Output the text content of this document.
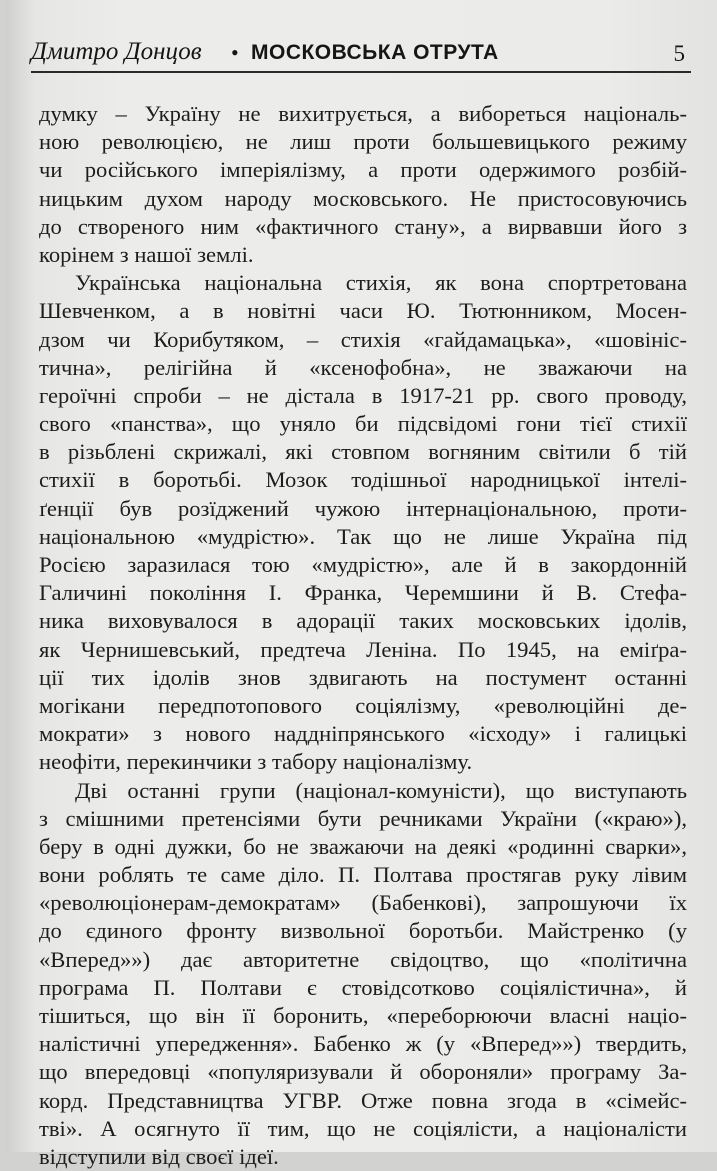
Дмитро Донцов • МОСКОВСЬКА ОТРУТА	5
думку – Україну не вихитрується, а вибореться національ-
ною революцією, не лиш проти большевицького режиму
чи російського імперіялізму, а проти одержимого розбій-
ницьким духом народу московського. Не пристосовуючись
до створеного ним «фактичного стану», а вирвавши його з
корінем з нашої землі.
Українська національна стихія, як вона спортретована
Шевченком, а в новітні часи Ю. Тютюнником, Мосен-
дзом чи Корибутяком, – стихія «гайдамацька», «шовініс-
тична», релігійна й «ксенофобна», не зважаючи на
героїчні спроби – не дістала в 1917-21 рр. свого проводу,
свого «панства», що уняло би підсвідомі гони тієї стихії
в різьблені скрижалі, які стовпом вогняним світили б тій
стихії в боротьбі. Мозок тодішньої народницької інтелі-
ґенції був розїджений чужою інтернаціональною, проти-
національною «мудрістю». Так що не лише Україна під
Росією заразилася тою «мудрістю», але й в закордонній
Галичині покоління І. Франка, Черемшини й В. Стефа-
ника виховувалося в адорації таких московських ідолів,
як Чернишевський, предтеча Леніна. По 1945, на еміґра-
ції тих ідолів знов здвигають на постумент останні
могікани передпотопового соціялізму, «революційні де-
мократи» з нового наддніпрянського «ісходу» і галицькі
неофіти, перекинчики з табору націоналізму.
Дві останні групи (націонал-комуністи), що виступають
з смішними претенсіями бути речниками України («краю»),
беру в одні дужки, бо не зважаючи на деякі «родинні сварки»,
вони роблять те саме діло. П. Полтава простягав руку лівим
«революціонерам-демократам» (Бабенкові), запрошуючи їх
до єдиного фронту визвольної боротьби. Майстренко (у
«Вперед»») дає авторитетне свідоцтво, що «політична
програма П. Полтави є стовідсотково соціялістична», й
тішиться, що він її боронить, «переборюючи власні націо-
налістичні упередження». Бабенко ж (у «Вперед»») твердить,
що впередовці «популяризували й обороняли» програму За-
корд. Представництва УГВР. Отже повна згода в «сімейс-
тві». А осягнуто її тим, що не соціялісти, а націоналісти
відступили від своєї ідеї.
